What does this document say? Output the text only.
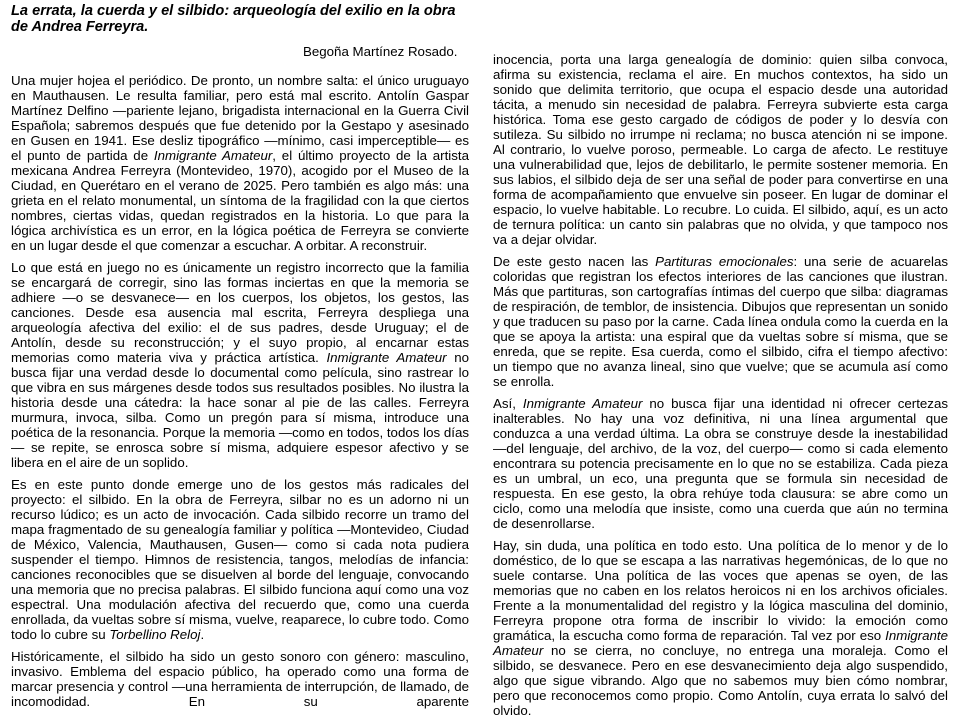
La errata, la cuerda y el silbido: arqueología del exilio en la obra de Andrea Ferreyra.
Begoña Martínez Rosado.

Una mujer hojea el periódico. De pronto, un nombre salta: el único uruguayo en Mauthausen. Le resulta familiar, pero está mal escrito. Antolín Gaspar Martínez Delfino —pariente lejano, brigadista internacional en la Guerra Civil Española; sabremos después que fue detenido por la Gestapo y asesinado en Gusen en 1941. Ese desliz tipográfico —mínimo, casi imperceptible— es el punto de partida de Inmigrante Amateur, el último proyecto de la artista mexicana Andrea Ferreyra (Montevideo, 1970), acogido por el Museo de la Ciudad, en Querétaro en el verano de 2025. Pero también es algo más: una grieta en el relato monumental, un síntoma de la fragilidad con la que ciertos nombres, ciertas vidas, quedan registrados en la historia. Lo que para la lógica archivística es un error, en la lógica poética de Ferreyra se convierte en un lugar desde el que comenzar a escuchar. A orbitar. A reconstruir.

Lo que está en juego no es únicamente un registro incorrecto que la familia se encargará de corregir, sino las formas inciertas en que la memoria se adhiere —o se desvanece— en los cuerpos, los objetos, los gestos, las canciones. Desde esa ausencia mal escrita, Ferreyra despliega una arqueología afectiva del exilio: el de sus padres, desde Uruguay; el de Antolín, desde su reconstrucción; y el suyo propio, al encarnar estas memorias como materia viva y práctica artística. Inmigrante Amateur no busca fijar una verdad desde lo documental como película, sino rastrear lo que vibra en sus márgenes desde todos sus resultados posibles. No ilustra la historia desde una cátedra: la hace sonar al pie de las calles. Ferreyra murmura, invoca, silba. Como un pregón para sí misma, introduce una poética de la resonancia. Porque la memoria —como en todos, todos los días— se repite, se enrosca sobre sí misma, adquiere espesor afectivo y se libera en el aire de un soplido.

Es en este punto donde emerge uno de los gestos más radicales del proyecto: el silbido. En la obra de Ferreyra, silbar no es un adorno ni un recurso lúdico; es un acto de invocación. Cada silbido recorre un tramo del mapa fragmentado de su genealogía familiar y política —Montevideo, Ciudad de México, Valencia, Mauthausen, Gusen— como si cada nota pudiera suspender el tiempo. Himnos de resistencia, tangos, melodías de infancia: canciones reconocibles que se disuelven al borde del lenguaje, convocando una memoria que no precisa palabras. El silbido funciona aquí como una voz espectral. Una modulación afectiva del recuerdo que, como una cuerda enrollada, da vueltas sobre sí misma, vuelve, reaparece, lo cubre todo. Como todo lo cubre su Torbellino Reloj.

Históricamente, el silbido ha sido un gesto sonoro con género: masculino, invasivo. Emblema del espacio público, ha operado como una forma de marcar presencia y control —una herramienta de interrupción, de llamado, de incomodidad. En su aparente

inocencia, porta una larga genealogía de dominio: quien silba convoca, afirma su existencia, reclama el aire. En muchos contextos, ha sido un sonido que delimita territorio, que ocupa el espacio desde una autoridad tácita, a menudo sin necesidad de palabra. Ferreyra subvierte esta carga histórica. Toma ese gesto cargado de códigos de poder y lo desvía con sutileza. Su silbido no irrumpe ni reclama; no busca atención ni se impone. Al contrario, lo vuelve poroso, permeable. Lo carga de afecto. Le restituye una vulnerabilidad que, lejos de debilitarlo, le permite sostener memoria. En sus labios, el silbido deja de ser una señal de poder para convertirse en una forma de acompañamiento que envuelve sin poseer. En lugar de dominar el espacio, lo vuelve habitable. Lo recubre. Lo cuida. El silbido, aquí, es un acto de ternura política: un canto sin palabras que no olvida, y que tampoco nos va a dejar olvidar.

De este gesto nacen las Partituras emocionales: una serie de acuarelas coloridas que registran los efectos interiores de las canciones que ilustran. Más que partituras, son cartografías íntimas del cuerpo que silba: diagramas de respiración, de temblor, de insistencia. Dibujos que representan un sonido y que traducen su paso por la carne. Cada línea ondula como la cuerda en la que se apoya la artista: una espiral que da vueltas sobre sí misma, que se enreda, que se repite. Esa cuerda, como el silbido, cifra el tiempo afectivo: un tiempo que no avanza lineal, sino que vuelve; que se acumula así como se enrolla.

Así, Inmigrante Amateur no busca fijar una identidad ni ofrecer certezas inalterables. No hay una voz definitiva, ni una línea argumental que conduzca a una verdad última. La obra se construye desde la inestabilidad —del lenguaje, del archivo, de la voz, del cuerpo— como si cada elemento encontrara su potencia precisamente en lo que no se estabiliza. Cada pieza es un umbral, un eco, una pregunta que se formula sin necesidad de respuesta. En ese gesto, la obra rehúye toda clausura: se abre como un ciclo, como una melodía que insiste, como una cuerda que aún no termina de desenrollarse.

Hay, sin duda, una política en todo esto. Una política de lo menor y de lo doméstico, de lo que se escapa a las narrativas hegemónicas, de lo que no suele contarse. Una política de las voces que apenas se oyen, de las memorias que no caben en los relatos heroicos ni en los archivos oficiales. Frente a la monumentalidad del registro y la lógica masculina del dominio, Ferreyra propone otra forma de inscribir lo vivido: la emoción como gramática, la escucha como forma de reparación. Tal vez por eso Inmigrante Amateur no se cierra, no concluye, no entrega una moraleja. Como el silbido, se desvanece. Pero en ese desvanecimiento deja algo suspendido, algo que sigue vibrando. Algo que no sabemos muy bien cómo nombrar, pero que reconocemos como propio. Como Antolín, cuya errata lo salvó del olvido.
